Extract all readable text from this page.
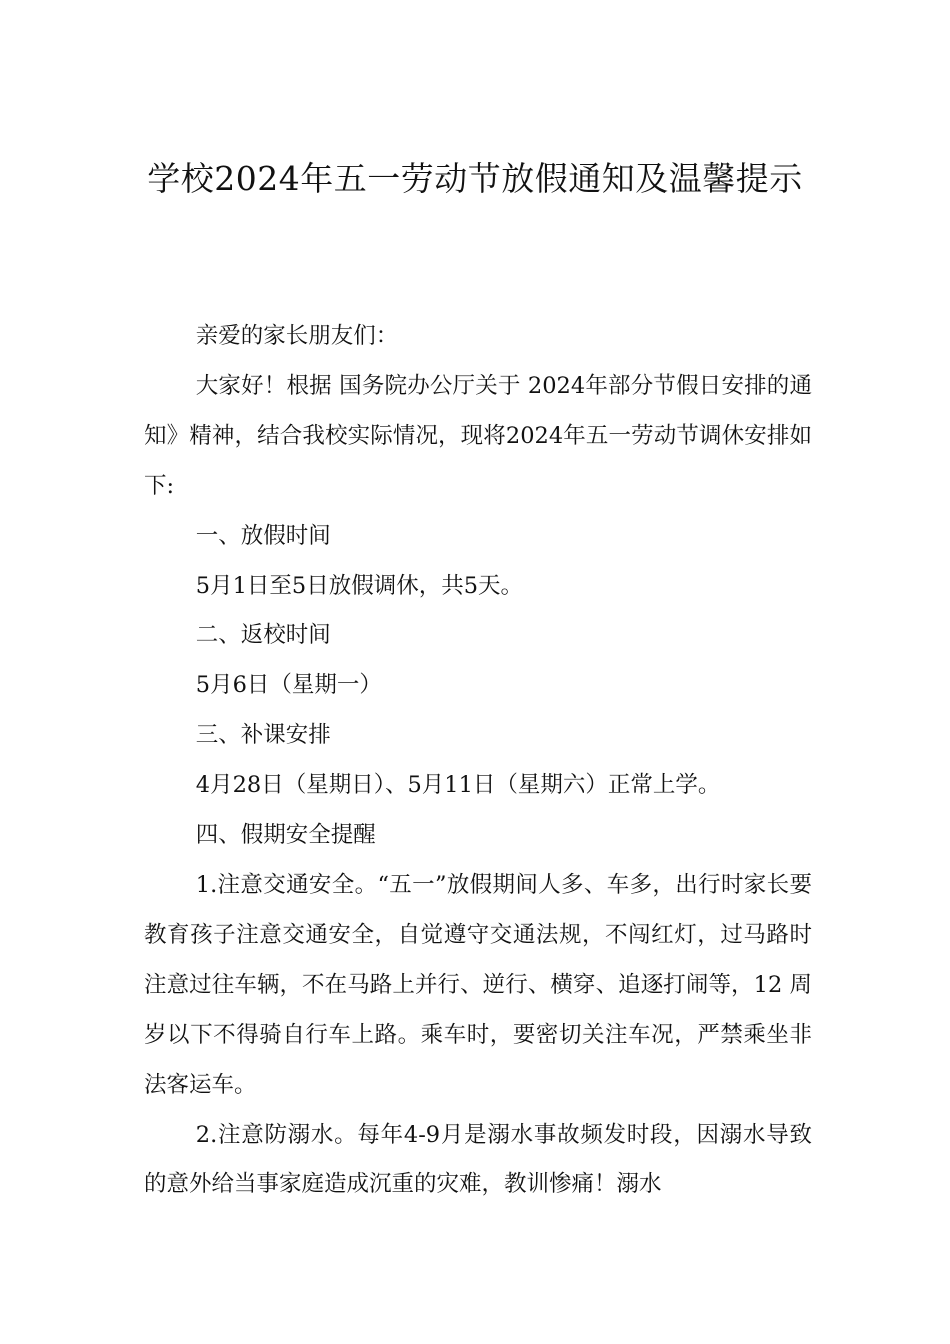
学校2024年五一劳动节放假通知及温馨提示

亲爱的家长朋友们：

大家好！根据 国务院办公厅关于 2024年部分节假日安排的通知》精神，结合我校实际情况，现将2024年五一劳动节调休安排如下:

一、放假时间

5月1日至5日放假调休，共5天。

二、返校时间

5月6日（星期一）

三、补课安排

4月28日（星期日）、5月11日（星期六）正常上学。

四、假期安全提醒

1.注意交通安全。“五一”放假期间人多、车多，出行时家长要教育孩子注意交通安全，自觉遵守交通法规，不闯红灯，过马路时注意过往车辆，不在马路上并行、逆行、横穿、追逐打闹等，12 周岁以下不得骑自行车上路。乘车时，要密切关注车况，严禁乘坐非法客运车。

2.注意防溺水。每年4-9月是溺水事故频发时段，因溺水导致的意外给当事家庭造成沉重的灾难，教训惨痛！溺水
